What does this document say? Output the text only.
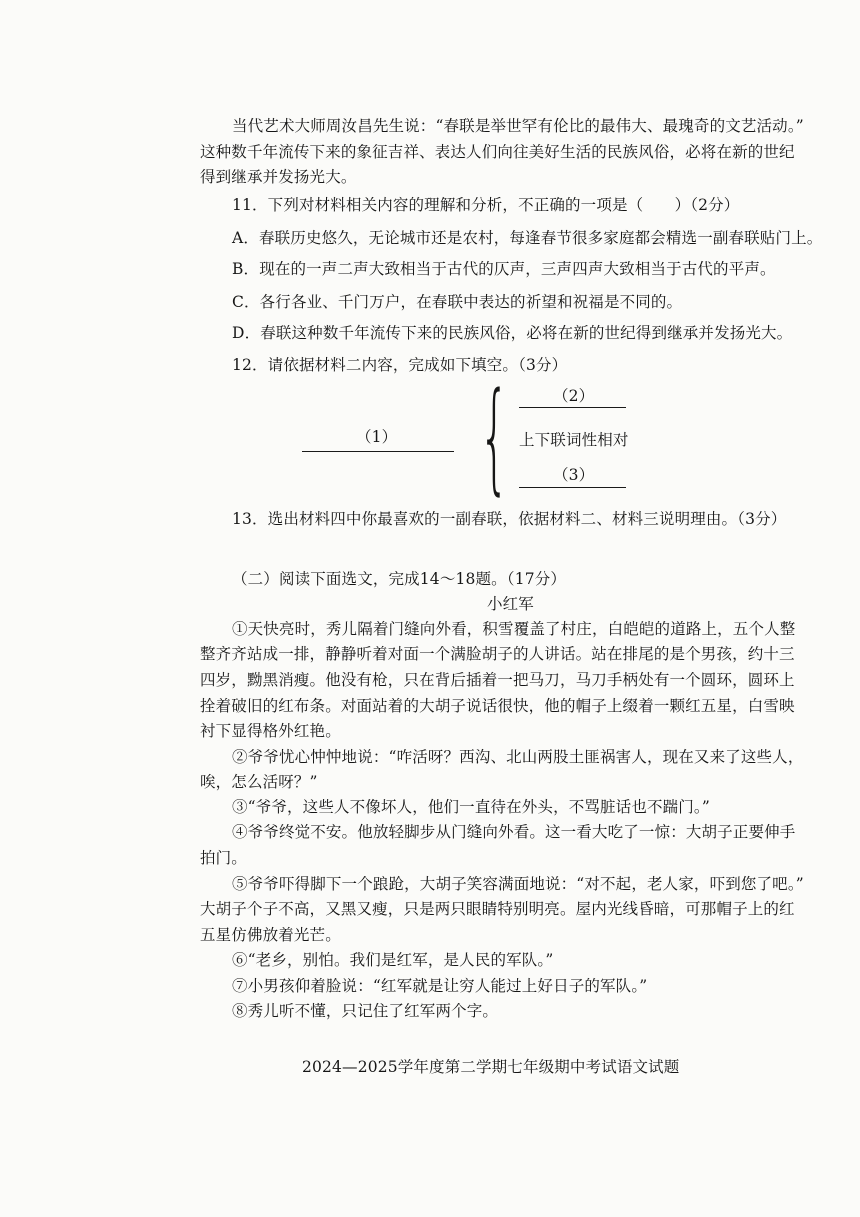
当代艺术大师周汝昌先生说：“春联是举世罕有伦比的最伟大、最瑰奇的文艺活动。”
这种数千年流传下来的象征吉祥、表达人们向往美好生活的民族风俗，必将在新的世纪
得到继承并发扬光大。
11．下列对材料相关内容的理解和分析，不正确的一项是（　　）（2分）
A．春联历史悠久，无论城市还是农村，每逢春节很多家庭都会精选一副春联贴门上。
B．现在的一声二声大致相当于古代的仄声，三声四声大致相当于古代的平声。
C．各行各业、千门万户，在春联中表达的祈望和祝福是不同的。
D．春联这种数千年流传下来的民族风俗，必将在新的世纪得到继承并发扬光大。
12．请依据材料二内容，完成如下填空。（3分）
（1） {	（2）
上下联词性相对
（3）
13．选出材料四中你最喜欢的一副春联，依据材料二、材料三说明理由。（3分）
（二）阅读下面选文，完成14～18题。（17分）
小红军
①天快亮时，秀儿隔着门缝向外看，积雪覆盖了村庄，白皑皑的道路上，五个人整
整齐齐站成一排，静静听着对面一个满脸胡子的人讲话。站在排尾的是个男孩，约十三
四岁，黝黑消瘦。他没有枪，只在背后插着一把马刀，马刀手柄处有一个圆环，圆环上
拴着破旧的红布条。对面站着的大胡子说话很快，他的帽子上缀着一颗红五星，白雪映
衬下显得格外红艳。
②爷爷忧心忡忡地说：“咋活呀？西沟、北山两股土匪祸害人，现在又来了这些人，
唉，怎么活呀？”
③“爷爷，这些人不像坏人，他们一直待在外头，不骂脏话也不踹门。”
④爷爷终觉不安。他放轻脚步从门缝向外看。这一看大吃了一惊：大胡子正要伸手
拍门。
⑤爷爷吓得脚下一个踉跄，大胡子笑容满面地说：“对不起，老人家，吓到您了吧。”
大胡子个子不高，又黑又瘦，只是两只眼睛特别明亮。屋内光线昏暗，可那帽子上的红
五星仿佛放着光芒。
⑥“老乡，别怕。我们是红军，是人民的军队。”
⑦小男孩仰着脸说：“红军就是让穷人能过上好日子的军队。”
⑧秀儿听不懂，只记住了红军两个字。
2024—2025学年度第二学期七年级期中考试语文试题
